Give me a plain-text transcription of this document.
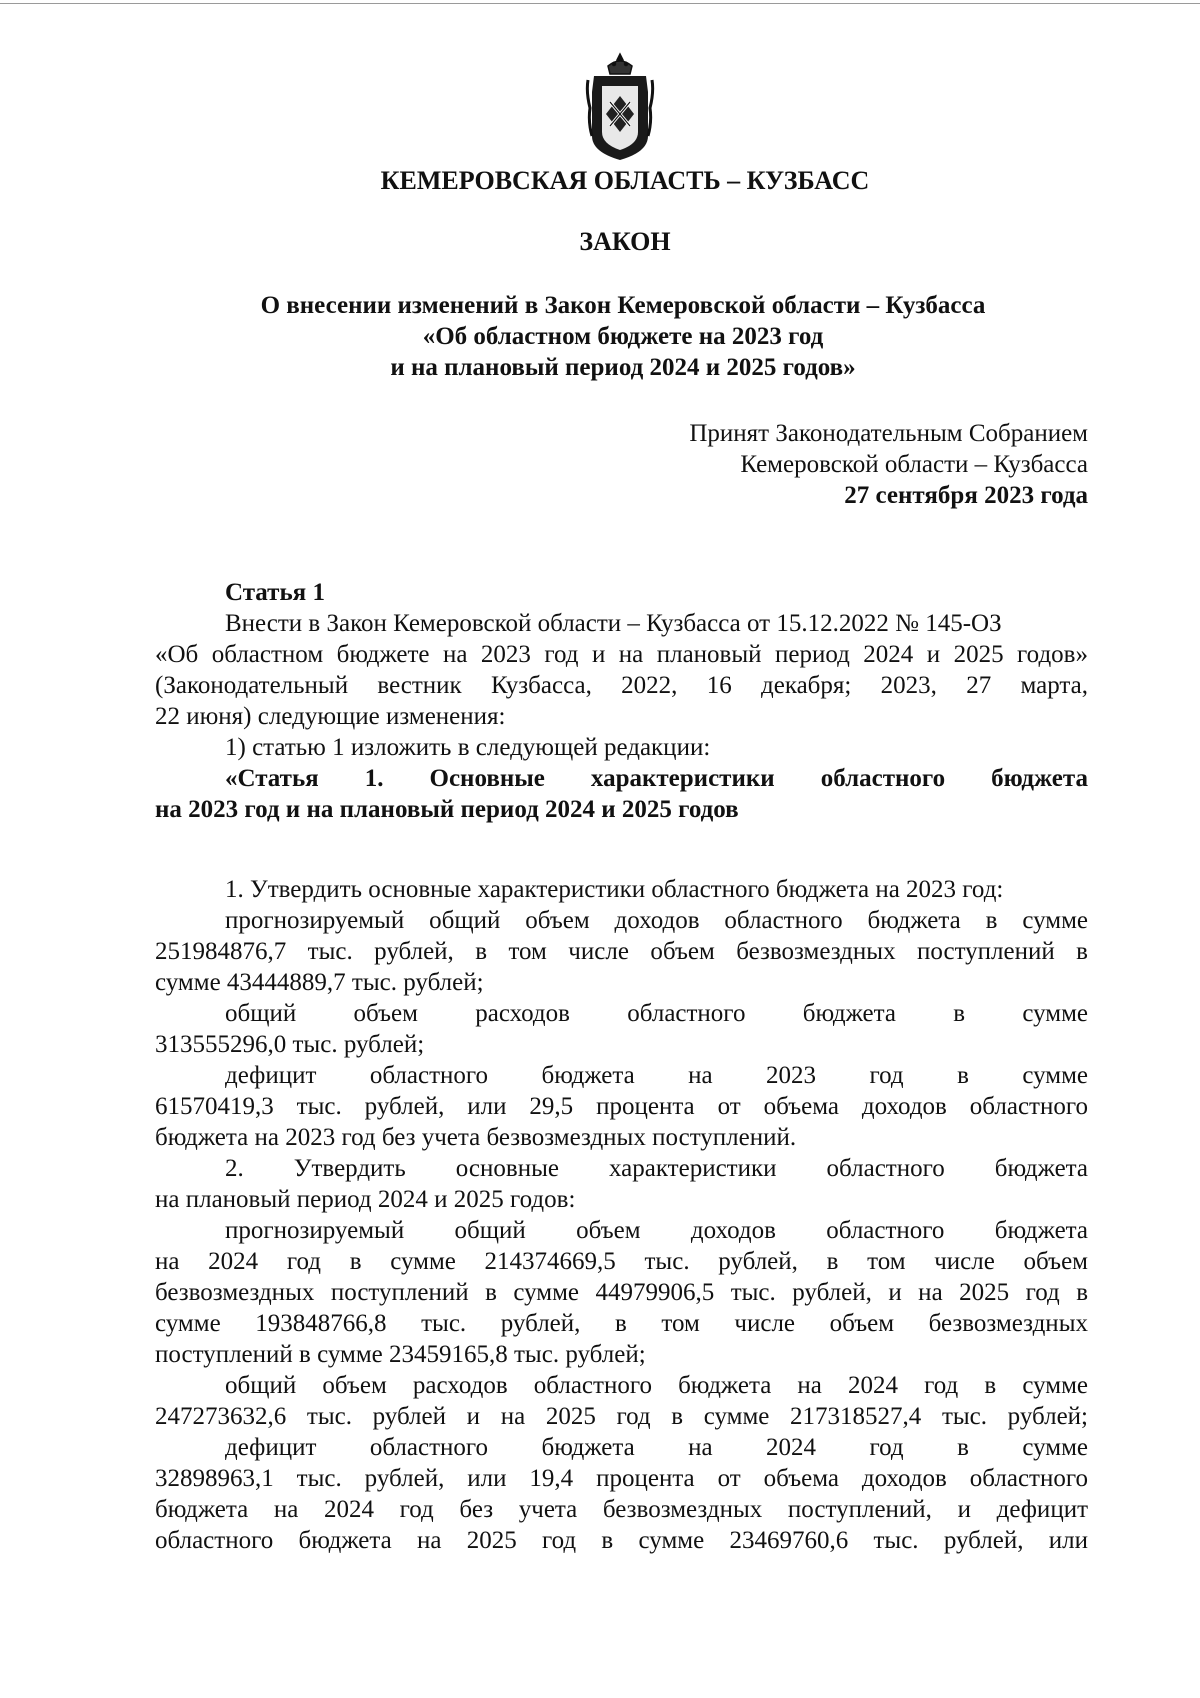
КЕМЕРОВСКАЯ ОБЛАСТЬ – КУЗБАСС
ЗАКОН
О внесении изменений в Закон Кемеровской области – Кузбасса
«Об областном бюджете на 2023 год
и на плановый период 2024 и 2025 годов»
Принят Законодательным Собранием
Кемеровской области – Кузбасса
27 сентября 2023 года

Статья 1

Внести в Закон Кемеровской области – Кузбасса от 15.12.2022 № 145-ОЗ

«Об областном бюджете на 2023 год и на плановый период 2024 и 2025 годов»

(Законодательный вестник Кузбасса, 2022, 16 декабря; 2023, 27 марта,

22 июня) следующие изменения:

1) статью 1 изложить в следующей редакции:

«Статья 1. Основные характеристики областного бюджета

на 2023 год и на плановый период 2024 и 2025 годов

1. Утвердить основные характеристики областного бюджета на 2023 год:

прогнозируемый общий объем доходов областного бюджета в сумме

251984876,7 тыс. рублей, в том числе объем безвозмездных поступлений в

сумме 43444889,7 тыс. рублей;

общий объем расходов областного бюджета в сумме

313555296,0 тыс. рублей;

дефицит областного бюджета на 2023 год в сумме

61570419,3 тыс. рублей, или 29,5 процента от объема доходов областного

бюджета на 2023 год без учета безвозмездных поступлений.

2. Утвердить основные характеристики областного бюджета

на плановый период 2024 и 2025 годов:

прогнозируемый общий объем доходов областного бюджета

на 2024 год в сумме 214374669,5 тыс. рублей, в том числе объем

безвозмездных поступлений в сумме 44979906,5 тыс. рублей, и на 2025 год в

сумме 193848766,8 тыс. рублей, в том числе объем безвозмездных

поступлений в сумме 23459165,8 тыс. рублей;

общий объем расходов областного бюджета на 2024 год в сумме

247273632,6 тыс. рублей и на 2025 год в сумме 217318527,4 тыс. рублей;

дефицит областного бюджета на 2024 год в сумме

32898963,1 тыс. рублей, или 19,4 процента от объема доходов областного

бюджета на 2024 год без учета безвозмездных поступлений, и дефицит

областного бюджета на 2025 год в сумме 23469760,6 тыс. рублей, или
